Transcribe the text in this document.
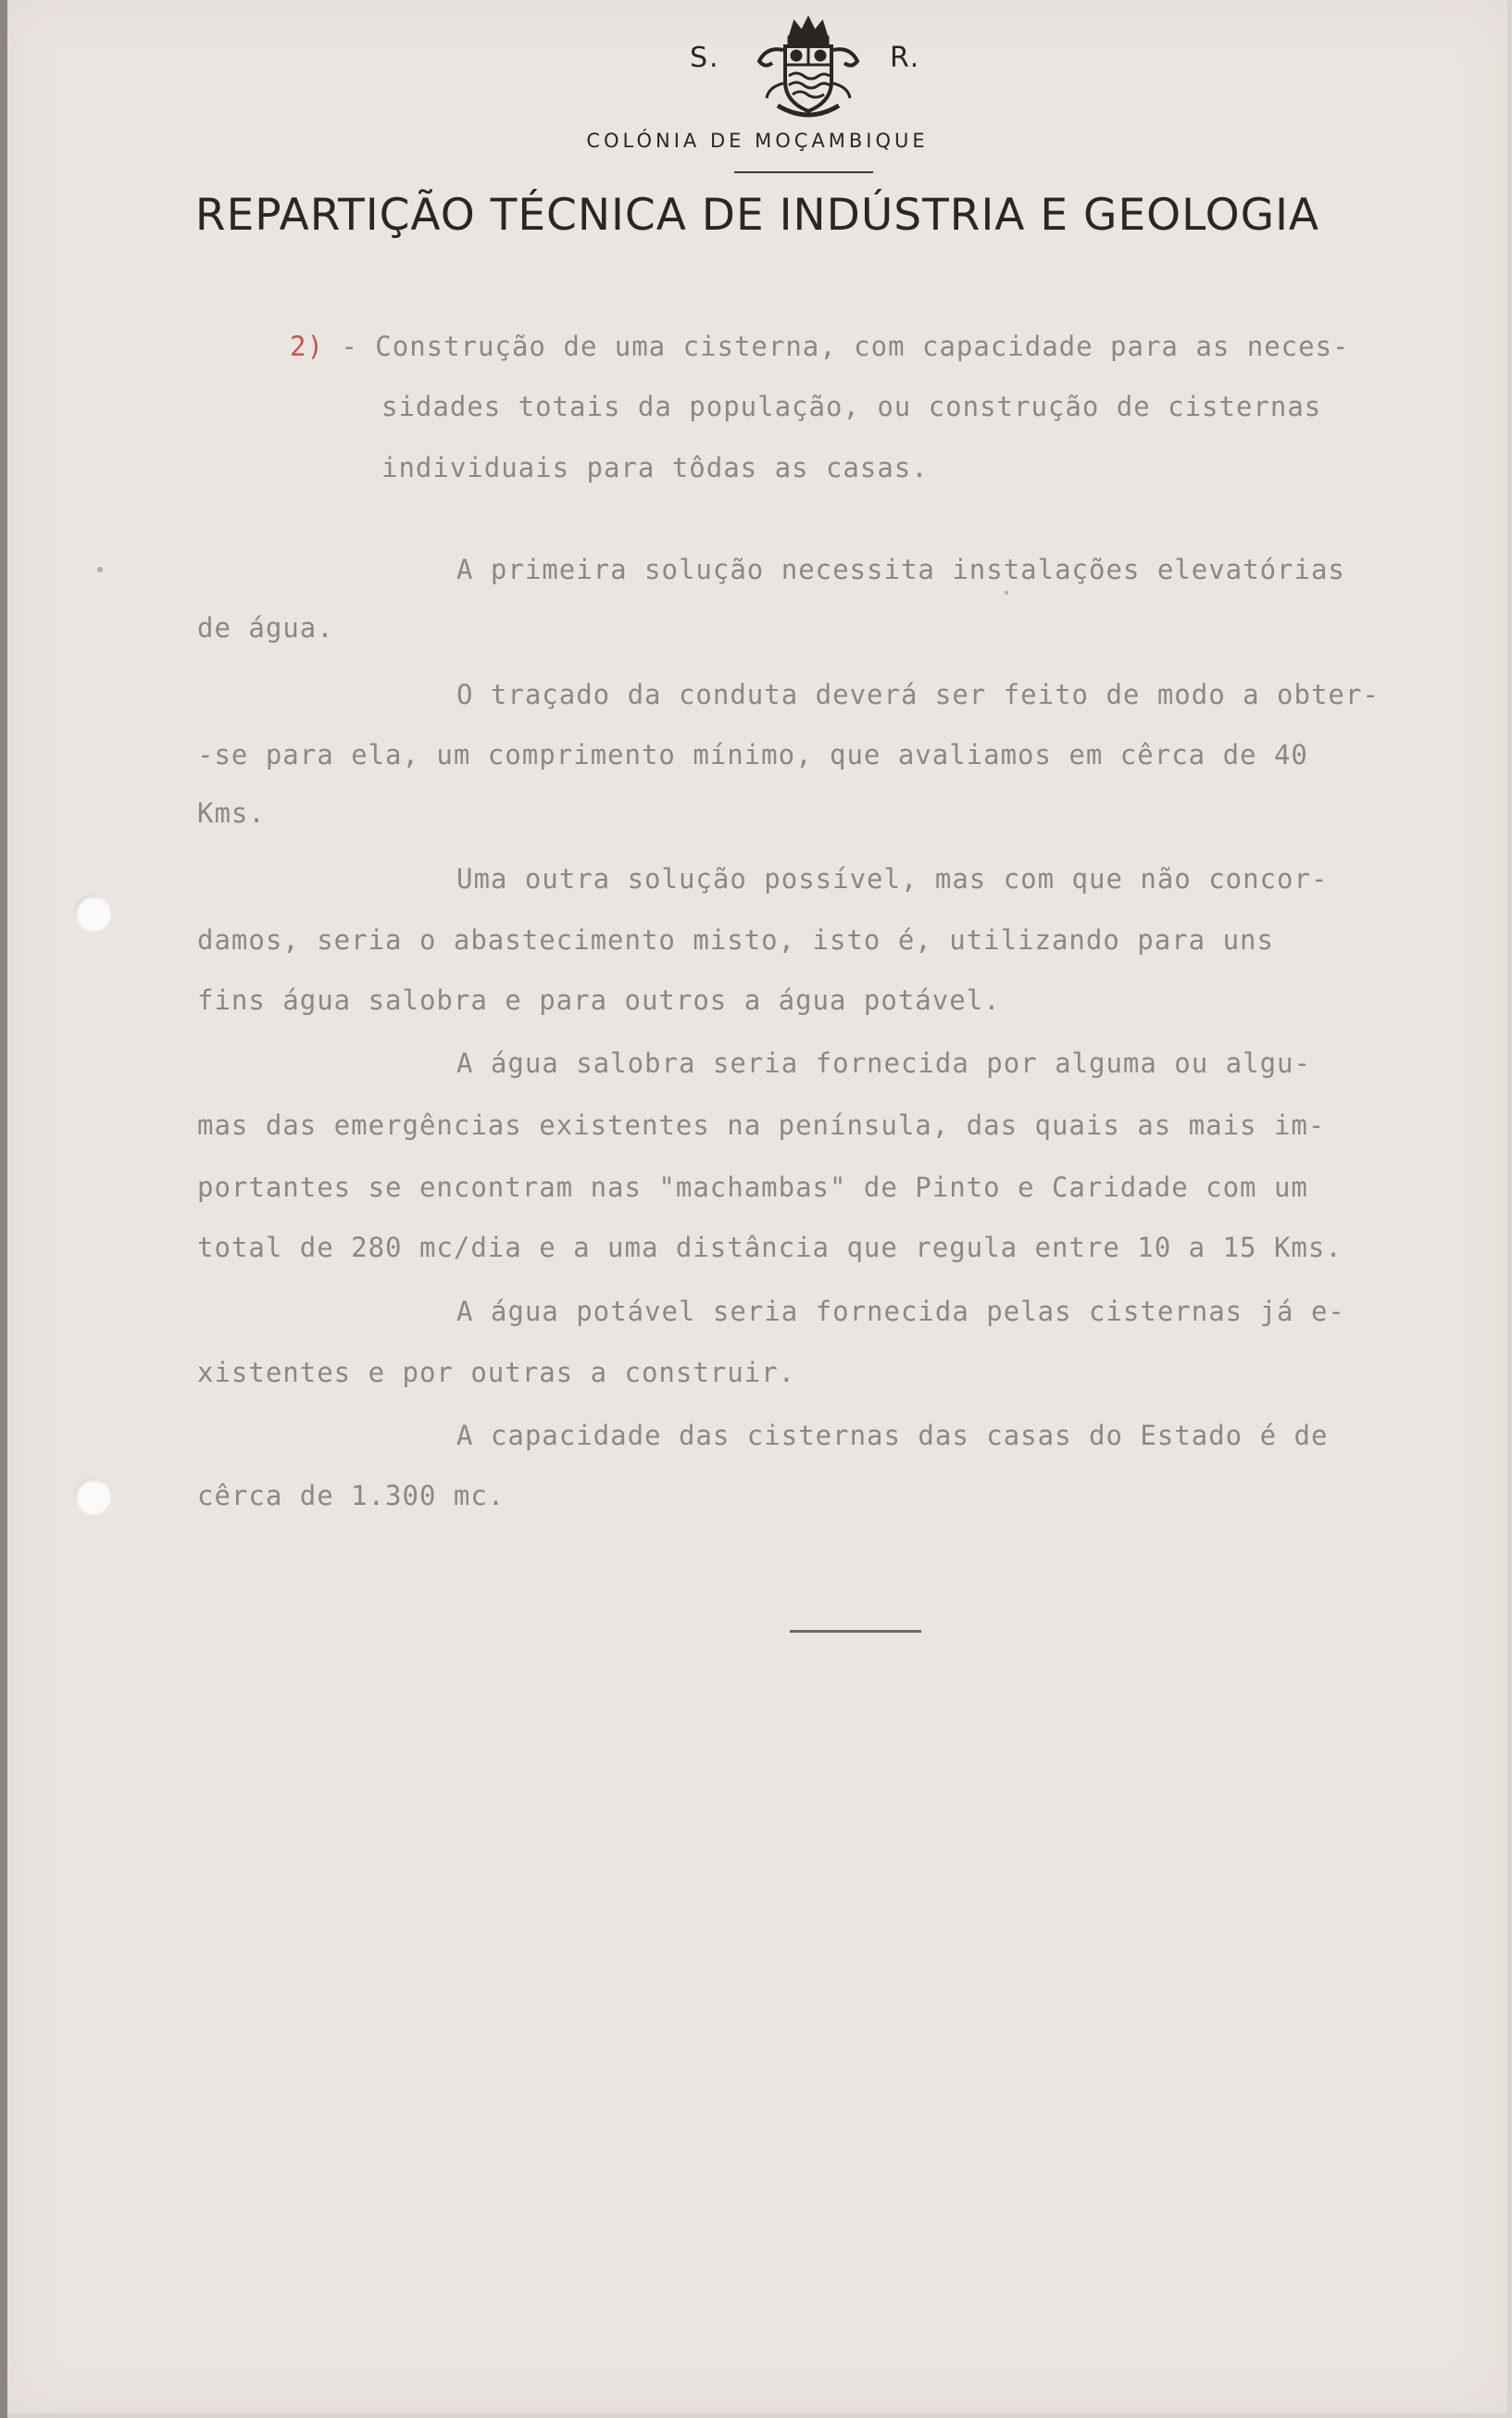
S.	R.
COLÓNIA DE MOÇAMBIQUE
REPARTIÇÃO TÉCNICA DE INDÚSTRIA E GEOLOGIA
2) - Construção de uma cisterna, com capacidade para as neces-
sidades totais da população, ou construção de cisternas
individuais para tôdas as casas.
A primeira solução necessita instalações elevatórias
de água.
O traçado da conduta deverá ser feito de modo a obter-
-se para ela, um comprimento mínimo, que avaliamos em cêrca de 40
Kms.
Uma outra solução possível, mas com que não concor-
damos, seria o abastecimento misto, isto é, utilizando para uns
fins água salobra e para outros a água potável.
A água salobra seria fornecida por alguma ou algu-
mas das emergências existentes na península, das quais as mais im-
portantes se encontram nas "machambas" de Pinto e Caridade com um
total de 280 mc/dia e a uma distância que regula entre 10 a 15 Kms.
A água potável seria fornecida pelas cisternas já e-
xistentes e por outras a construir.
A capacidade das cisternas das casas do Estado é de
cêrca de 1.300 mc.
